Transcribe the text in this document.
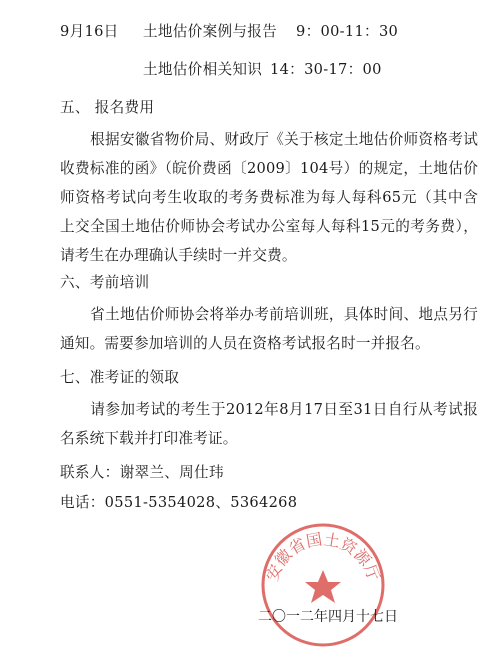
9月16日 土地估价案例与报告 9：00-11：30
土地估价相关知识 14：30-17：00
五、 报名费用
根据安徽省物价局、财政厅《关于核定土地估价师资格考试收费标准的函》（皖价费函〔2009〕104号）的规定，土地估价师资格考试向考生收取的考务费标准为每人每科65元（其中含上交全国土地估价师协会考试办公室每人每科15元的考务费），请考生在办理确认手续时一并交费。
六、考前培训
省土地估价师协会将举办考前培训班，具体时间、地点另行通知。需要参加培训的人员在资格考试报名时一并报名。
七、准考证的领取
请参加考试的考生于2012年8月17日至31日自行从考试报名系统下载并打印准考证。
联系人：谢翠兰、周仕玮
电话：0551-5354028、5364268
安徽省国土资源厅
二〇一二年四月十七日
